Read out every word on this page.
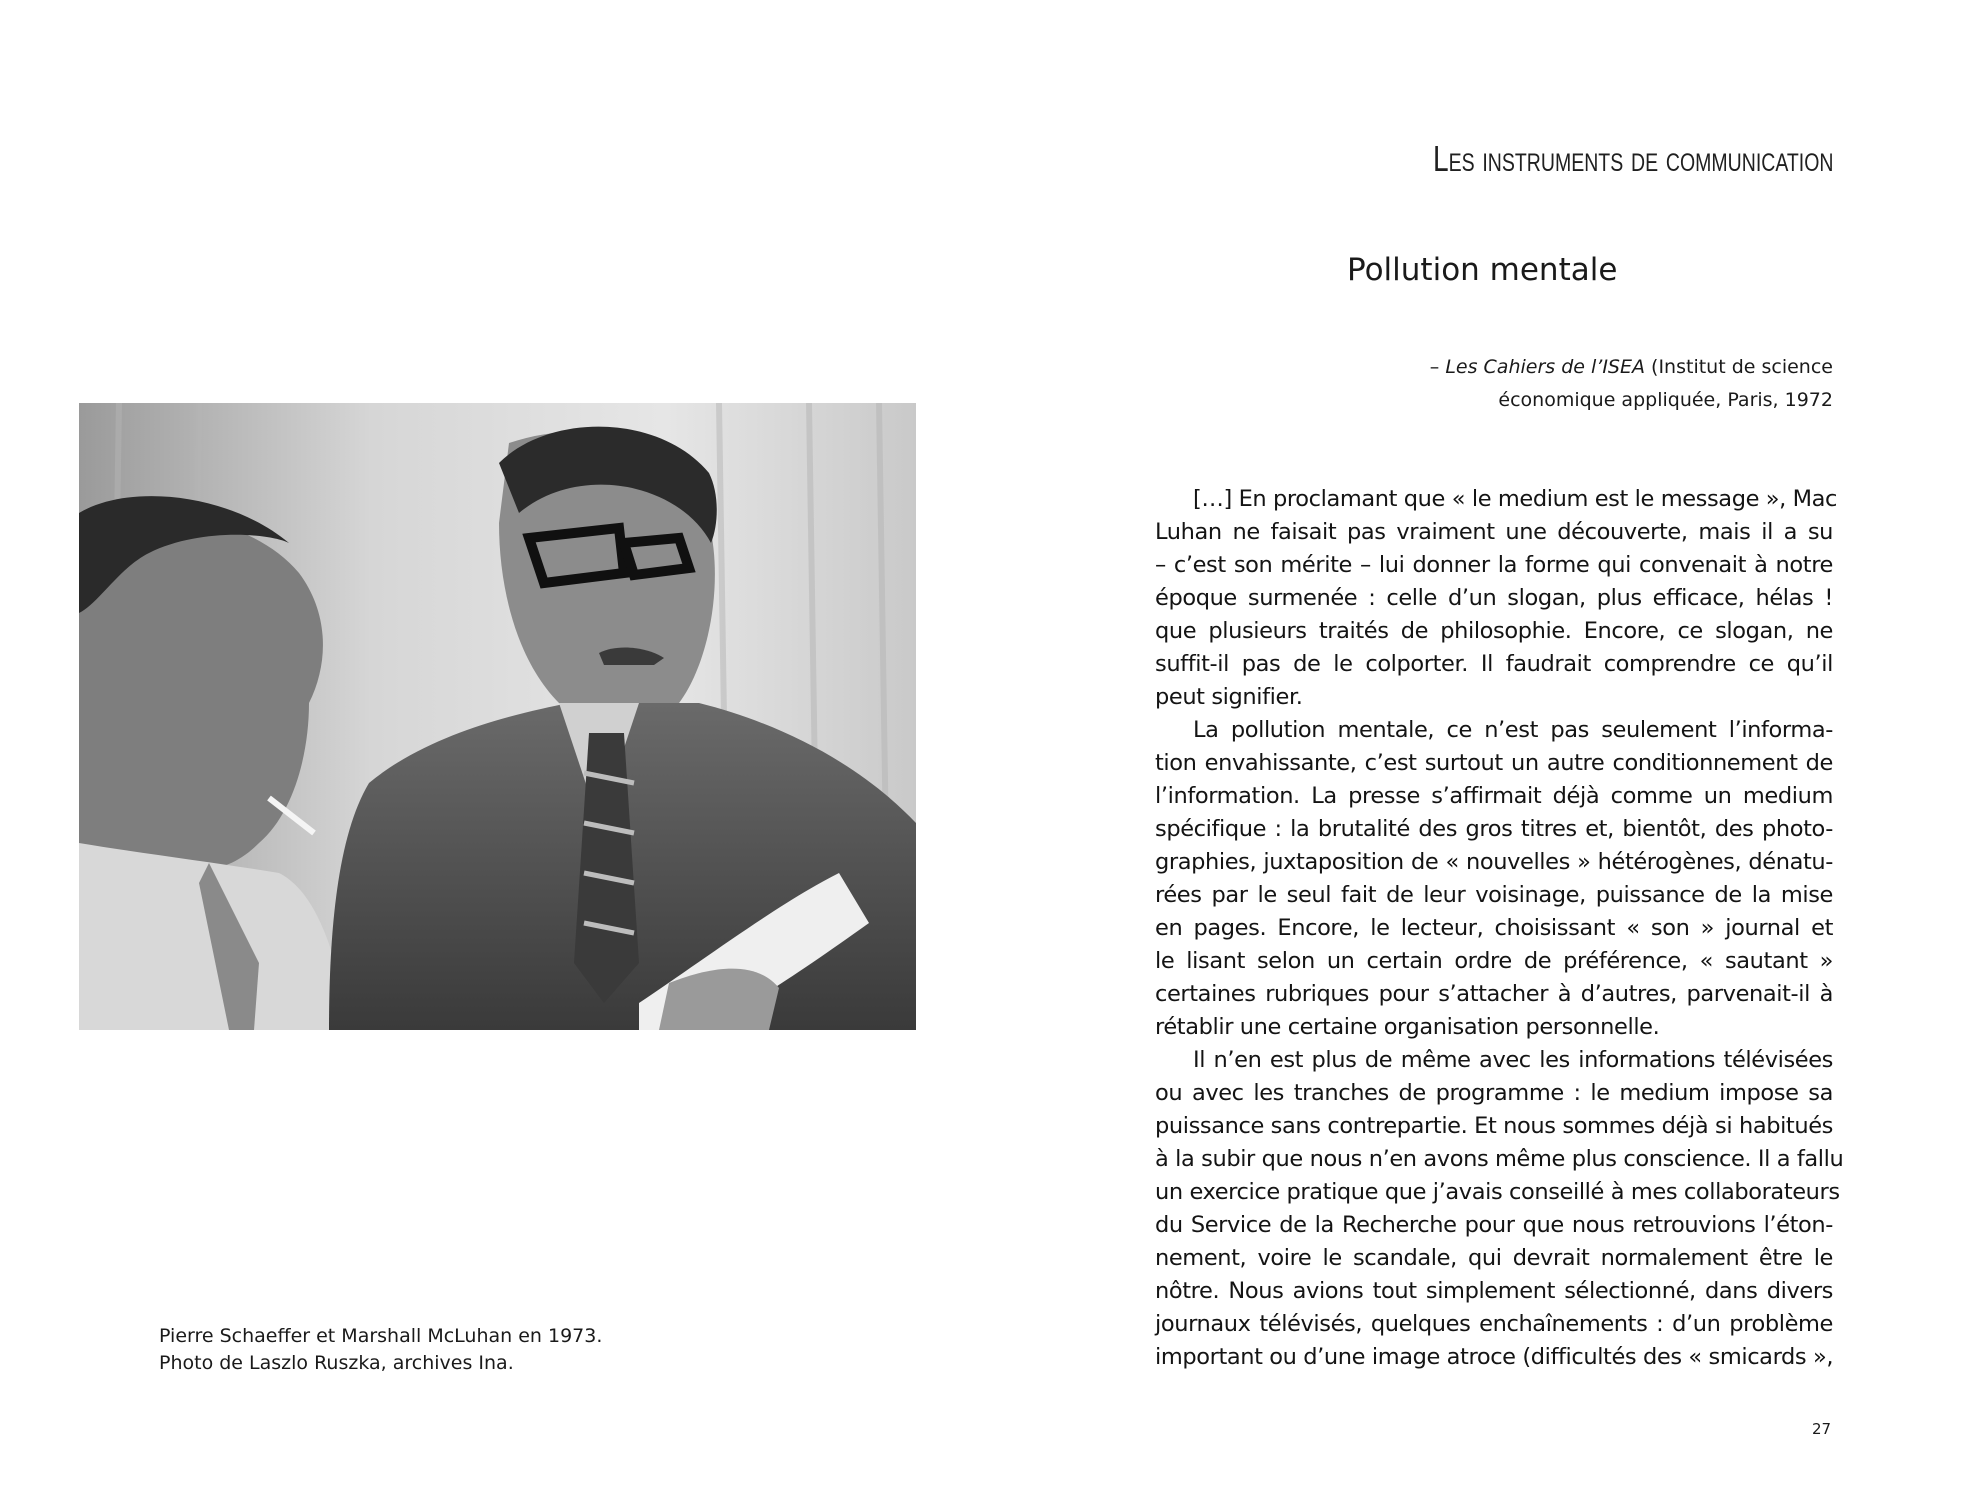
Pierre Schaeffer et Marshall McLuhan en 1973.
Photo de Laszlo Ruszka, archives Ina.
Les instruments de communication
Pollution mentale
– Les Cahiers de l’ISEA (Institut de science
économique appliquée, Paris, 1972
[…] En proclamant que « le medium est le message », Mac
Luhan ne faisait pas vraiment une découverte, mais il a su
– c’est son mérite – lui donner la forme qui convenait à notre
époque surmenée : celle d’un slogan, plus efficace, hélas !
que plusieurs traités de philosophie. Encore, ce slogan, ne
suffit-il pas de le colporter. Il faudrait comprendre ce qu’il
peut signifier.
La pollution mentale, ce n’est pas seulement l’informa-
tion envahissante, c’est surtout un autre conditionnement de
l’information. La presse s’affirmait déjà comme un medium
spécifique : la brutalité des gros titres et, bientôt, des photo-
graphies, juxtaposition de « nouvelles » hétérogènes, dénatu-
rées par le seul fait de leur voisinage, puissance de la mise
en pages. Encore, le lecteur, choisissant « son » journal et
le lisant selon un certain ordre de préférence, « sautant »
certaines rubriques pour s’attacher à d’autres, parvenait-il à
rétablir une certaine organisation personnelle.
Il n’en est plus de même avec les informations télévisées
ou avec les tranches de programme : le medium impose sa
puissance sans contrepartie. Et nous sommes déjà si habitués
à la subir que nous n’en avons même plus conscience. Il a fallu
un exercice pratique que j’avais conseillé à mes collaborateurs
du Service de la Recherche pour que nous retrouvions l’éton-
nement, voire le scandale, qui devrait normalement être le
nôtre. Nous avions tout simplement sélectionné, dans divers
journaux télévisés, quelques enchaînements : d’un problème
important ou d’une image atroce (difficultés des « smicards »,
27
